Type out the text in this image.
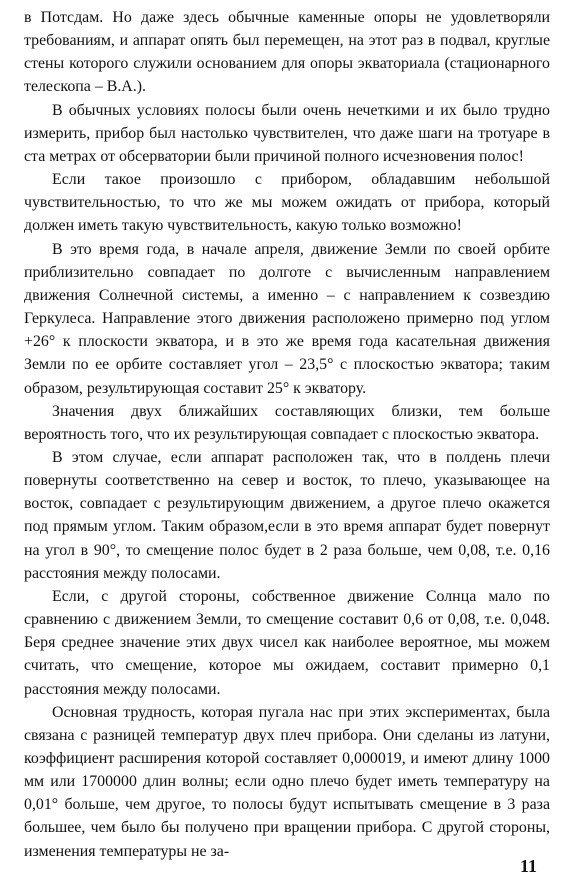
в Потсдам. Но даже здесь обычные каменные опоры не удовлетворяли требованиям, и аппарат опять был перемещен, на этот раз в подвал, круглые стены которого служили основанием для опоры экваториала (стационарного телескопа – В.А.).

В обычных условиях полосы были очень нечеткими и их было трудно измерить, прибор был настолько чувствителен, что даже шаги на тротуаре в ста метрах от обсерватории были причиной полного исчезновения полос!

Если такое произошло с прибором, обладавшим небольшой чувствительностью, то что же мы можем ожидать от прибора, который должен иметь такую чувствительность, какую только возможно!

В это время года, в начале апреля, движение Земли по своей орбите приблизительно совпадает по долготе с вычисленным направлением движения Солнечной системы, а именно – с направлением к созвездию Геркулеса. Направление этого движения расположено примерно под углом +26° к плоскости экватора, и в это же время года касательная движения Земли по ее орбите составляет угол – 23,5° с плоскостью экватора; таким образом, результирующая составит 25° к экватору.

Значения двух ближайших составляющих близки, тем больше вероятность того, что их результирующая совпадает с плоскостью экватора.

В этом случае, если аппарат расположен так, что в полдень плечи повернуты соответственно на север и восток, то плечо, указывающее на восток, совпадает с результирующим движением, а другое плечо окажется под прямым углом. Таким образом,если в это время аппарат будет повернут на угол в 90°, то смещение полос будет в 2 раза больше, чем 0,08, т.е. 0,16 расстояния между полосами.

Если, с другой стороны, собственное движение Солнца мало по сравнению с движением Земли, то смещение составит 0,6 от 0,08, т.е. 0,048. Беря среднее значение этих двух чисел как наиболее вероятное, мы можем считать, что смещение, которое мы ожидаем, составит примерно 0,1 расстояния между полосами.

Основная трудность, которая пугала нас при этих экспериментах, была связана с разницей температур двух плеч прибора. Они сделаны из латуни, коэффициент расширения которой составляет 0,000019, и имеют длину 1000 мм или 1700000 длин волны; если одно плечо будет иметь температуру на 0,01° больше, чем другое, то полосы будут испытывать смещение в 3 раза большее, чем было бы получено при вращении прибора. С другой стороны, изменения температуры не за-

11
